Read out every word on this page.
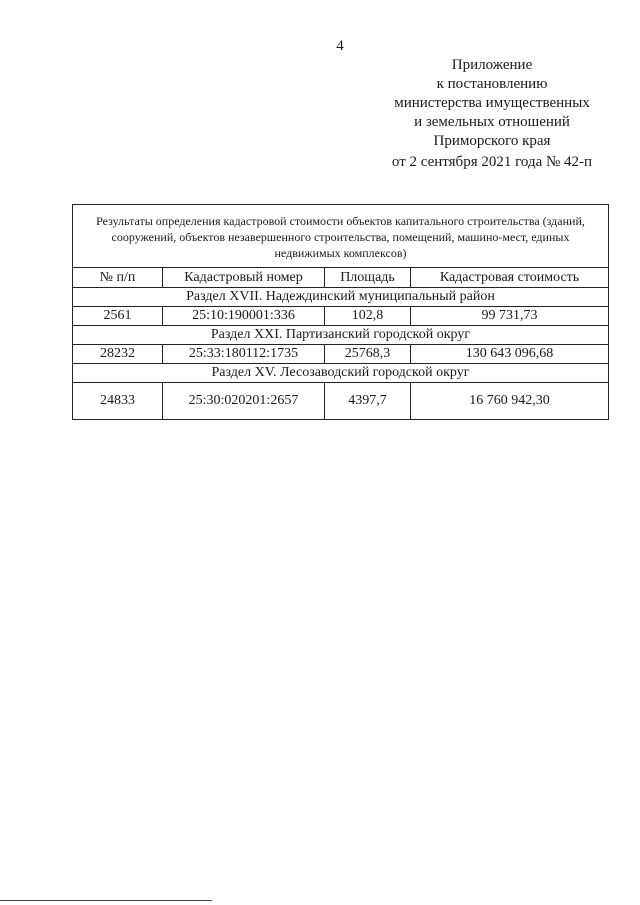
4
Приложение
к постановлению
министерства имущественных
и земельных отношений
Приморского края
от 2 сентября 2021 года № 42-п
Результаты определения кадастровой стоимости объектов капитального строительства (зданий, сооружений, объектов незавершенного строительства, помещений, машино-мест, единых недвижимых комплексов)			
№ п/п	Кадастровый номер	Площадь	Кадастровая стоимость
Раздел XVII. Надеждинский муниципальный район			
2561	25:10:190001:336	102,8	99 731,73
Раздел XXI. Партизанский городской округ			
28232	25:33:180112:1735	25768,3	130 643 096,68
Раздел XV. Лесозаводский городской округ			
24833	25:30:020201:2657	4397,7	16 760 942,30
